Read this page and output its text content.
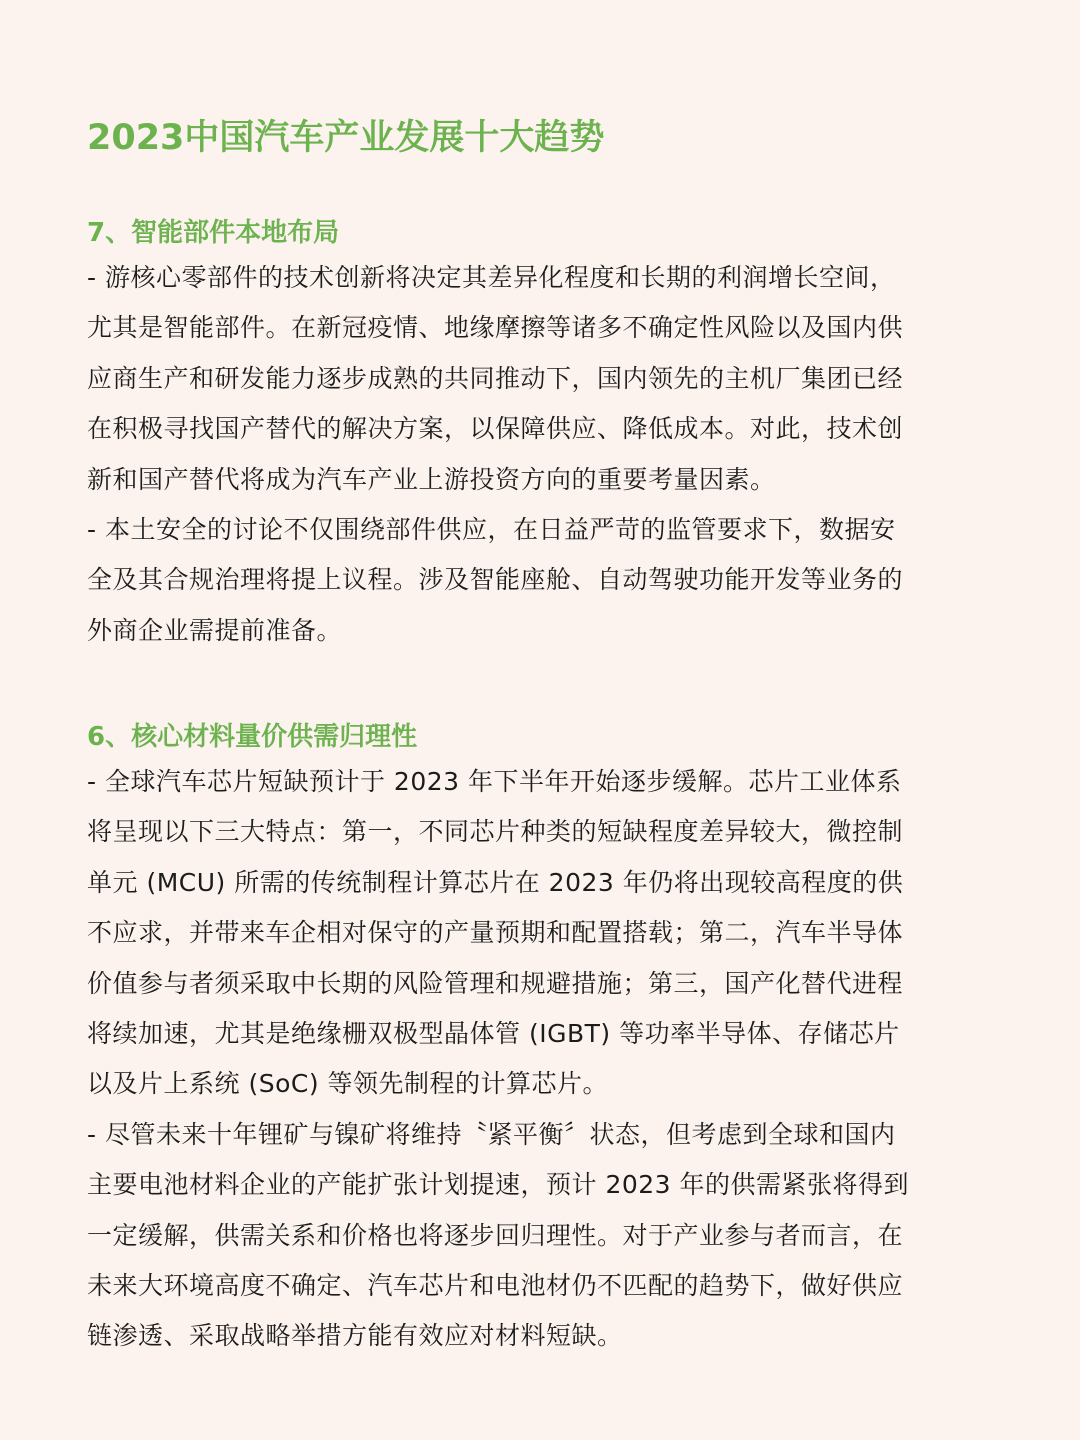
2023中国汽车产业发展十大趋势
7、智能部件本地布局
- 游核心零部件的技术创新将决定其差异化程度和长期的利润增长空间，
尤其是智能部件。在新冠疫情、地缘摩擦等诸多不确定性风险以及国内供
应商生产和研发能力逐步成熟的共同推动下，国内领先的主机厂集团已经
在积极寻找国产替代的解决方案，以保障供应、降低成本。对此，技术创
新和国产替代将成为汽车产业上游投资方向的重要考量因素。
- 本土安全的讨论不仅围绕部件供应，在日益严苛的监管要求下，数据安
全及其合规治理将提上议程。涉及智能座舱、自动驾驶功能开发等业务的
外商企业需提前准备。
6、核心材料量价供需归理性
- 全球汽车芯片短缺预计于 2023 年下半年开始逐步缓解。芯片工业体系
将呈现以下三大特点：第一，不同芯片种类的短缺程度差异较大，微控制
单元 (MCU) 所需的传统制程计算芯片在 2023 年仍将出现较高程度的供
不应求，并带来车企相对保守的产量预期和配置搭载；第二，汽车半导体
价值参与者须采取中长期的风险管理和规避措施；第三，国产化替代进程
将续加速，尤其是绝缘栅双极型晶体管 (IGBT) 等功率半导体、存储芯片
以及片上系统 (SoC) 等领先制程的计算芯片。
- 尽管未来十年锂矿与镍矿将维持〝紧平衡〞状态，但考虑到全球和国内
主要电池材料企业的产能扩张计划提速，预计 2023 年的供需紧张将得到
一定缓解，供需关系和价格也将逐步回归理性。对于产业参与者而言，在
未来大环境高度不确定、汽车芯片和电池材仍不匹配的趋势下，做好供应
链渗透、采取战略举措方能有效应对材料短缺。
